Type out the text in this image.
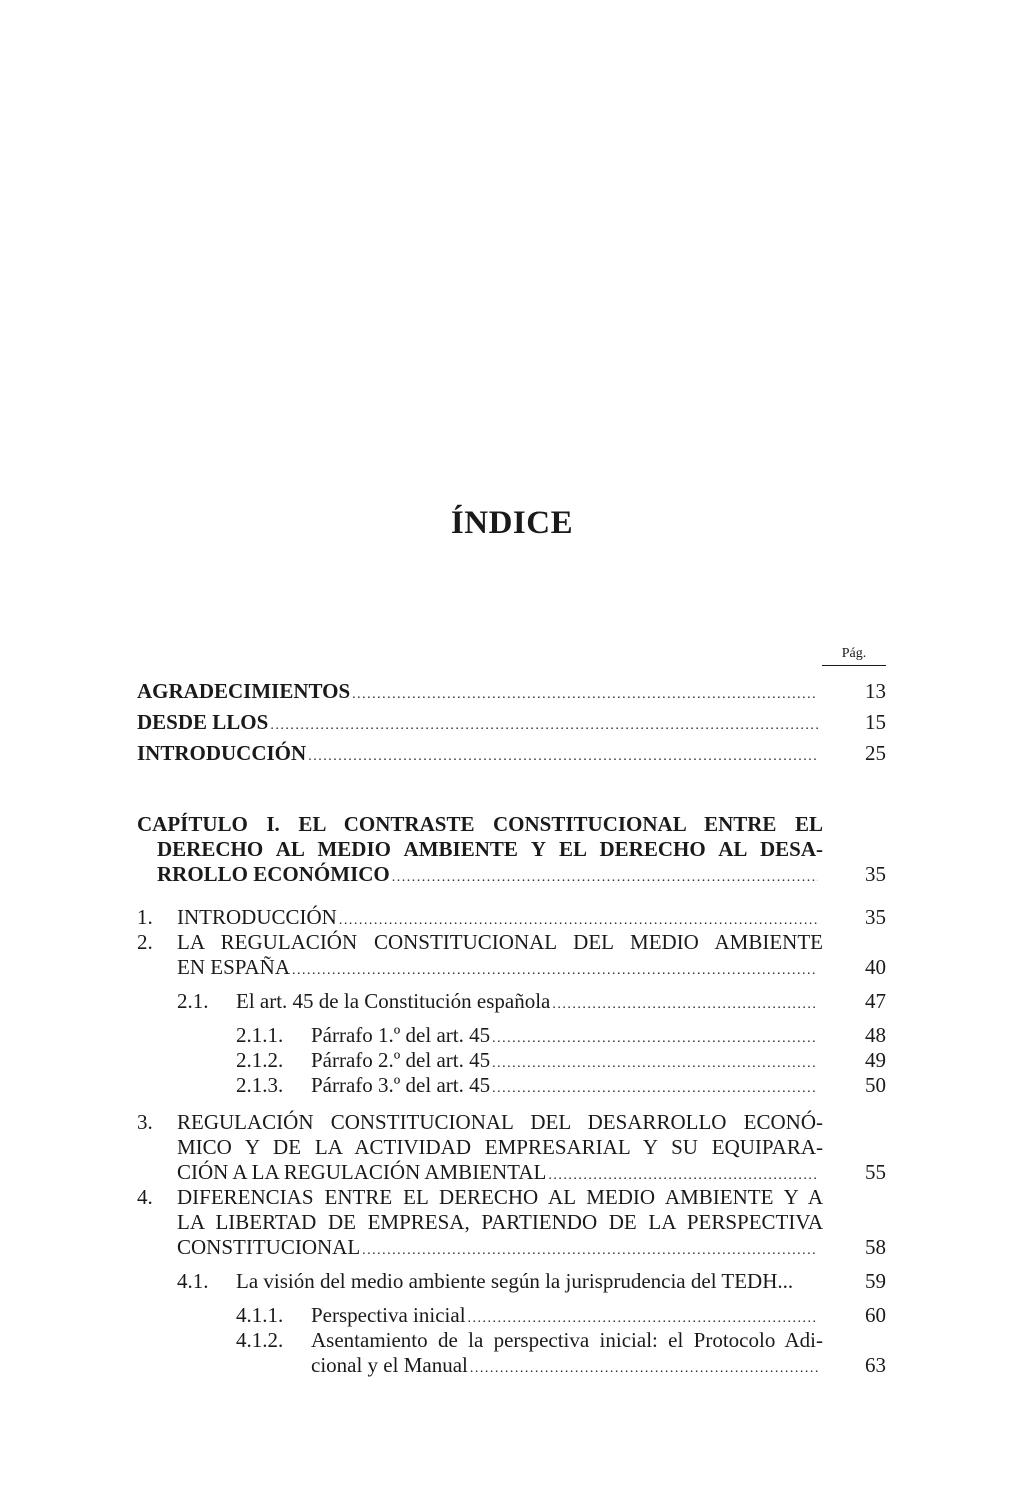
ÍNDICE
Pág.
AGRADECIMIENTOS .....	13
DESDE LLOS .....	15
INTRODUCCIÓN .....	25
CAPÍTULO I. EL CONTRASTE CONSTITUCIONAL ENTRE EL
DERECHO AL MEDIO AMBIENTE Y EL DERECHO AL DESA-
RROLLO ECONÓMICO .....	35
1. INTRODUCCIÓN .....	35
2. LA REGULACIÓN CONSTITUCIONAL DEL MEDIO AMBIENTE
EN ESPAÑA .....	40
2.1. El art. 45 de la Constitución española .....	47
2.1.1. Párrafo 1.º del art. 45 .....	48
2.1.2. Párrafo 2.º del art. 45 .....	49
2.1.3. Párrafo 3.º del art. 45 .....	50
3. REGULACIÓN CONSTITUCIONAL DEL DESARROLLO ECONÓ-
MICO Y DE LA ACTIVIDAD EMPRESARIAL Y SU EQUIPARA-
CIÓN A LA REGULACIÓN AMBIENTAL .....	55
4. DIFERENCIAS ENTRE EL DERECHO AL MEDIO AMBIENTE Y A
LA LIBERTAD DE EMPRESA, PARTIENDO DE LA PERSPECTIVA
CONSTITUCIONAL .....	58
4.1. La visión del medio ambiente según la jurisprudencia del TEDH...	59
4.1.1. Perspectiva inicial .....	60
4.1.2. Asentamiento de la perspectiva inicial: el Protocolo Adi-
cional y el Manual .....	63
